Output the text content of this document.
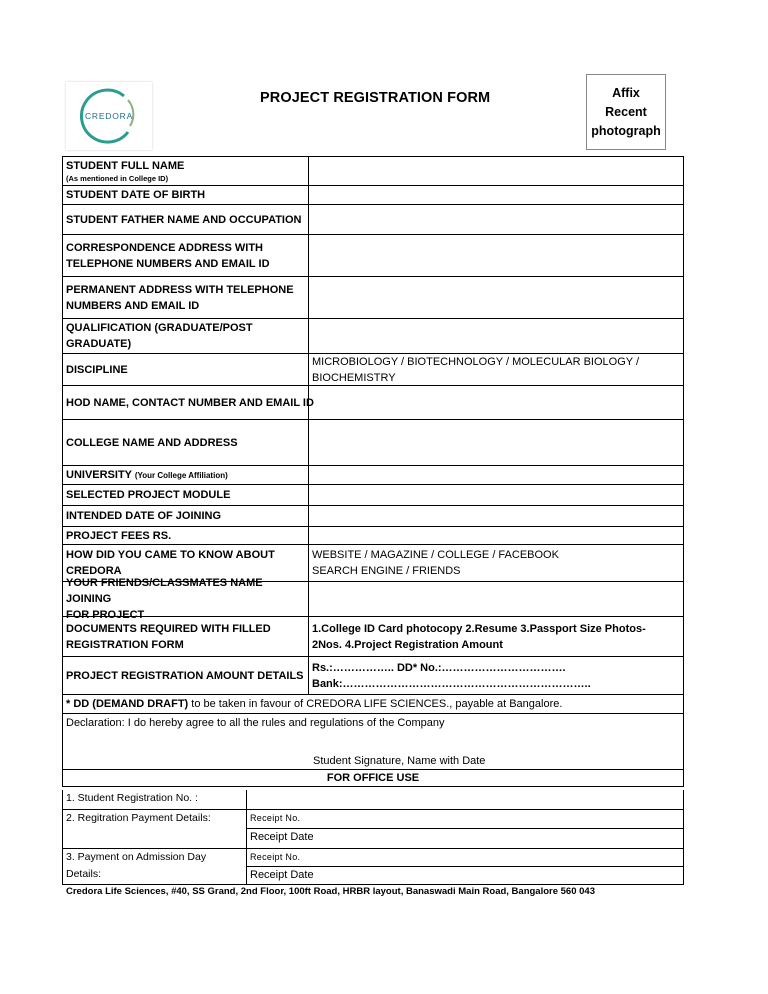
CREDORA
PROJECT REGISTRATION FORM	Affix
Recent
photograph
STUDENT FULL NAME
(As mentioned in College ID)
STUDENT DATE OF BIRTH
STUDENT FATHER NAME AND OCCUPATION
CORRESPONDENCE ADDRESS WITH
TELEPHONE NUMBERS AND EMAIL ID
PERMANENT ADDRESS WITH TELEPHONE
NUMBERS AND EMAIL ID
QUALIFICATION (GRADUATE/POST
GRADUATE)
DISCIPLINE
MICROBIOLOGY / BIOTECHNOLOGY / MOLECULAR BIOLOGY /
BIOCHEMISTRY
HOD NAME, CONTACT NUMBER AND EMAIL ID
COLLEGE NAME AND ADDRESS
UNIVERSITY (Your College Affiliation)
SELECTED PROJECT MODULE
INTENDED DATE OF JOINING
PROJECT FEES RS.
HOW DID YOU CAME TO KNOW ABOUT
CREDORA
WEBSITE / MAGAZINE / COLLEGE / FACEBOOK
SEARCH ENGINE / FRIENDS
YOUR FRIENDS/CLASSMATES NAME JOINING
FOR PROJECT
DOCUMENTS REQUIRED WITH FILLED
REGISTRATION FORM
1.College ID Card photocopy 2.Resume 3.Passport Size Photos-
2Nos. 4.Project Registration Amount
PROJECT REGISTRATION AMOUNT DETAILS
Rs.:…………….. DD* No.:…………………………….
Bank:…………………………………………………………..
* DD (DEMAND DRAFT) to be taken in favour of CREDORA LIFE SCIENCES., payable at Bangalore.
Declaration: I do hereby agree to all the rules and regulations of the Company
Student Signature, Name with Date
FOR OFFICE USE
1. Student Registration No. :
2. Regitration Payment Details:	Receipt No.
Receipt Date
3. Payment on Admission Day
Details:
Receipt No.
Receipt Date
Credora Life Sciences, #40, SS Grand, 2nd Floor, 100ft Road, HRBR layout, Banaswadi Main Road, Bangalore 560 043
